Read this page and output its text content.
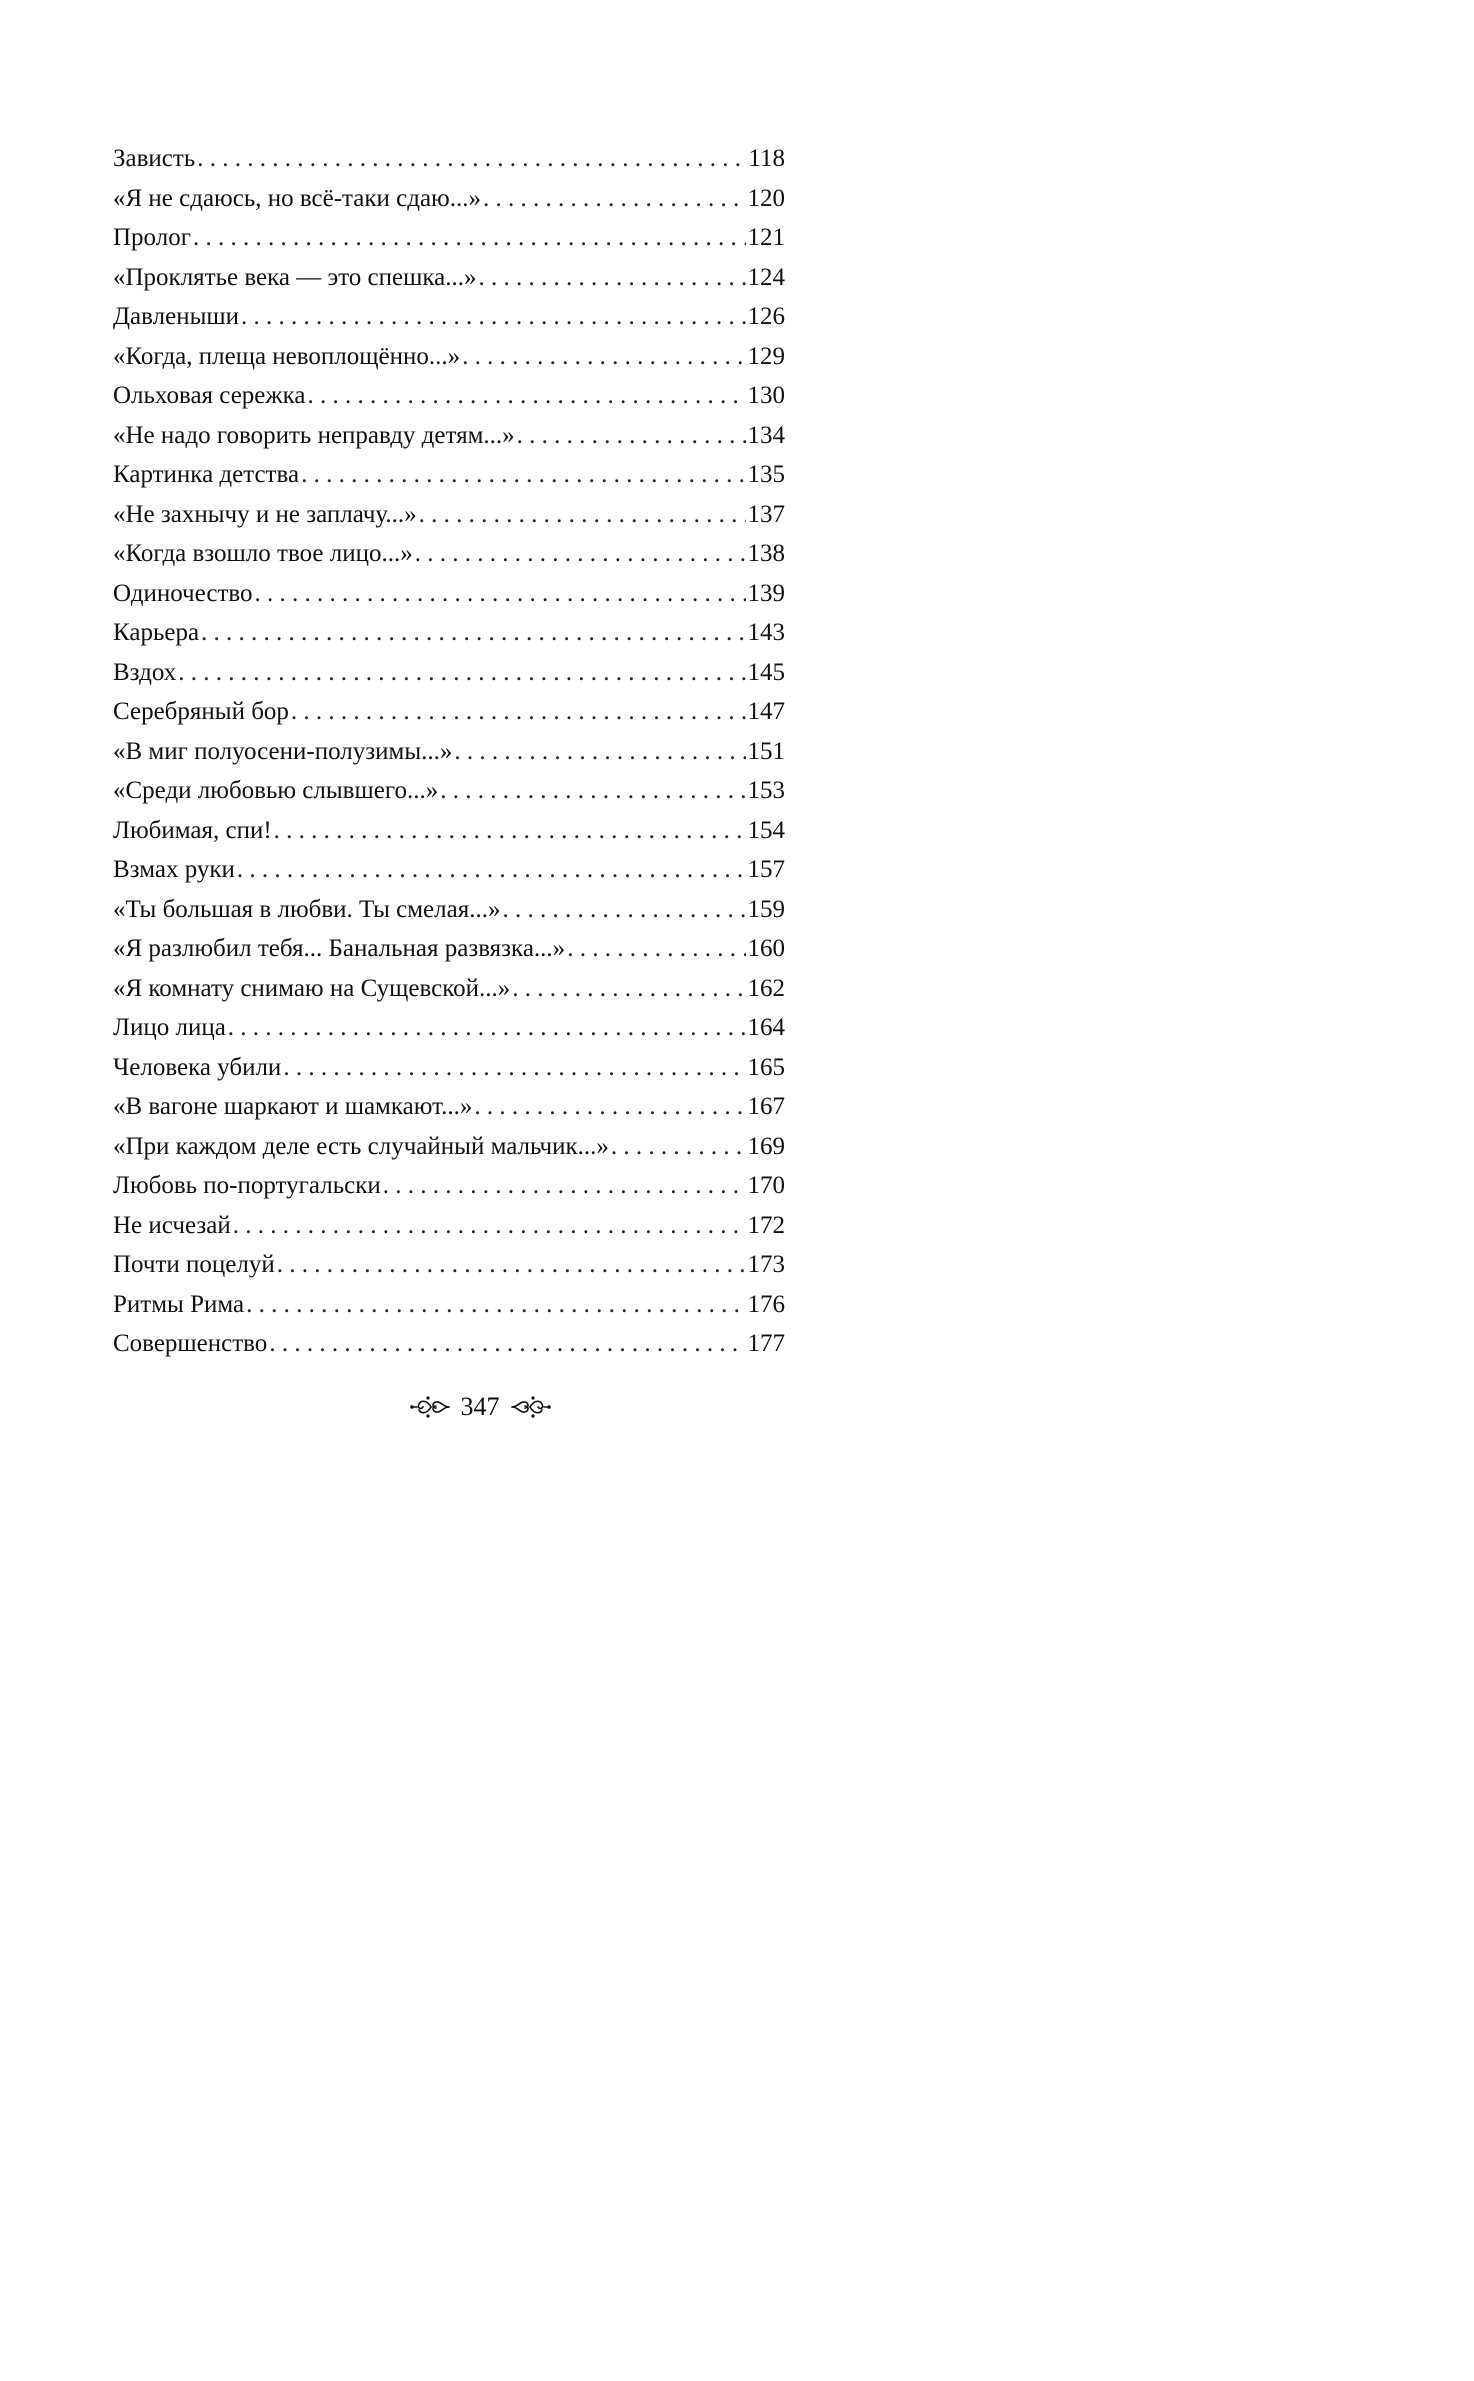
Зависть . . .	118
«Я не сдаюсь, но всё-таки сдаю...» . . .	120
Пролог . . .	121
«Проклятье века — это спешка...» . . .	124
Давленыши . . .	126
«Когда, плеща невоплощённо...» . . .	129
Ольховая сережка . . .	130
«Не надо говорить неправду детям...» . . .	134
Картинка детства . . .	135
«Не захнычу и не заплачу...» . . .	137
«Когда взошло твое лицо...» . . .	138
Одиночество . . .	139
Карьера . . .	143
Вздох . . .	145
Серебряный бор . . .	147
«В миг полуосени-полузимы...» . . .	151
«Среди любовью слывшего...» . . .	153
Любимая, спи! . . .	154
Взмах руки . . .	157
«Ты большая в любви. Ты смелая...» . . .	159
«Я разлюбил тебя... Банальная развязка...» . . .	160
«Я комнату снимаю на Сущевской...» . . .	162
Лицо лица . . .	164
Человека убили . . .	165
«В вагоне шаркают и шамкают...» . . .	167
«При каждом деле есть случайный мальчик...» . . .	169
Любовь по-португальски . . .	170
Не исчезай . . .	172
Почти поцелуй . . .	173
Ритмы Рима . . .	176
Совершенство . . .	177
347
